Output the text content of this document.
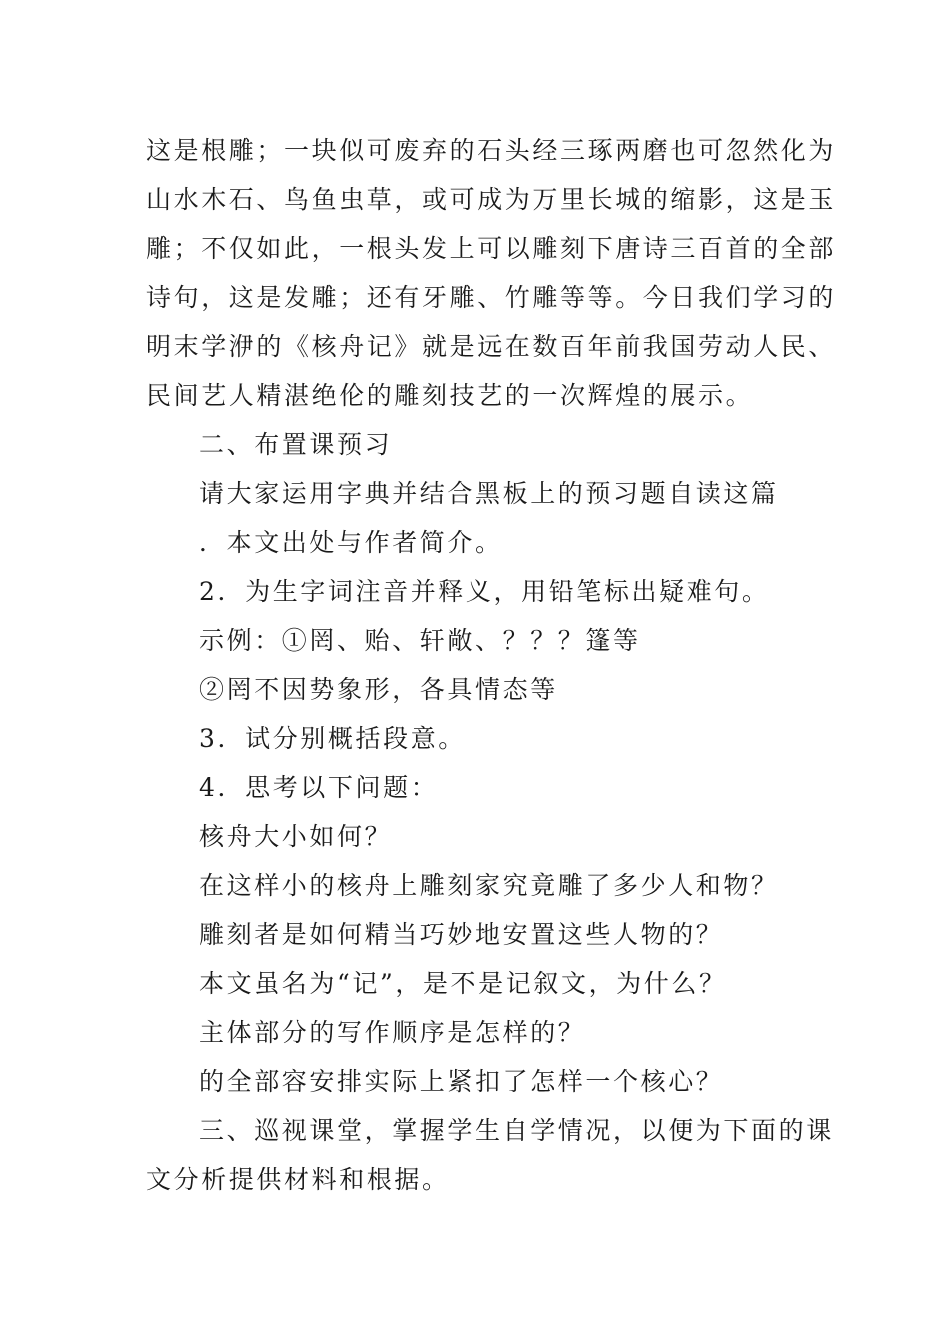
这是根雕；一块似可废弃的石头经三琢两磨也可忽然化为
山水木石、鸟鱼虫草，或可成为万里长城的缩影，这是玉
雕；不仅如此，一根头发上可以雕刻下唐诗三百首的全部
诗句，这是发雕；还有牙雕、竹雕等等。今日我们学习的
明末学洢的《核舟记》就是远在数百年前我国劳动人民、
民间艺人精湛绝伦的雕刻技艺的一次辉煌的展示。
二、布置课预习
请大家运用字典并结合黑板上的预习题自读这篇
．本文出处与作者简介。
2．为生字词注音并释义，用铅笔标出疑难句。
示例：①罔、贻、轩敞、？？？篷等
②罔不因势象形，各具情态等
3．试分别概括段意。
4．思考以下问题：
核舟大小如何？
在这样小的核舟上雕刻家究竟雕了多少人和物？
雕刻者是如何精当巧妙地安置这些人物的？
本文虽名为“记”，是不是记叙文，为什么？
主体部分的写作顺序是怎样的？
的全部容安排实际上紧扣了怎样一个核心？
三、巡视课堂，掌握学生自学情况，以便为下面的课
文分析提供材料和根据。
